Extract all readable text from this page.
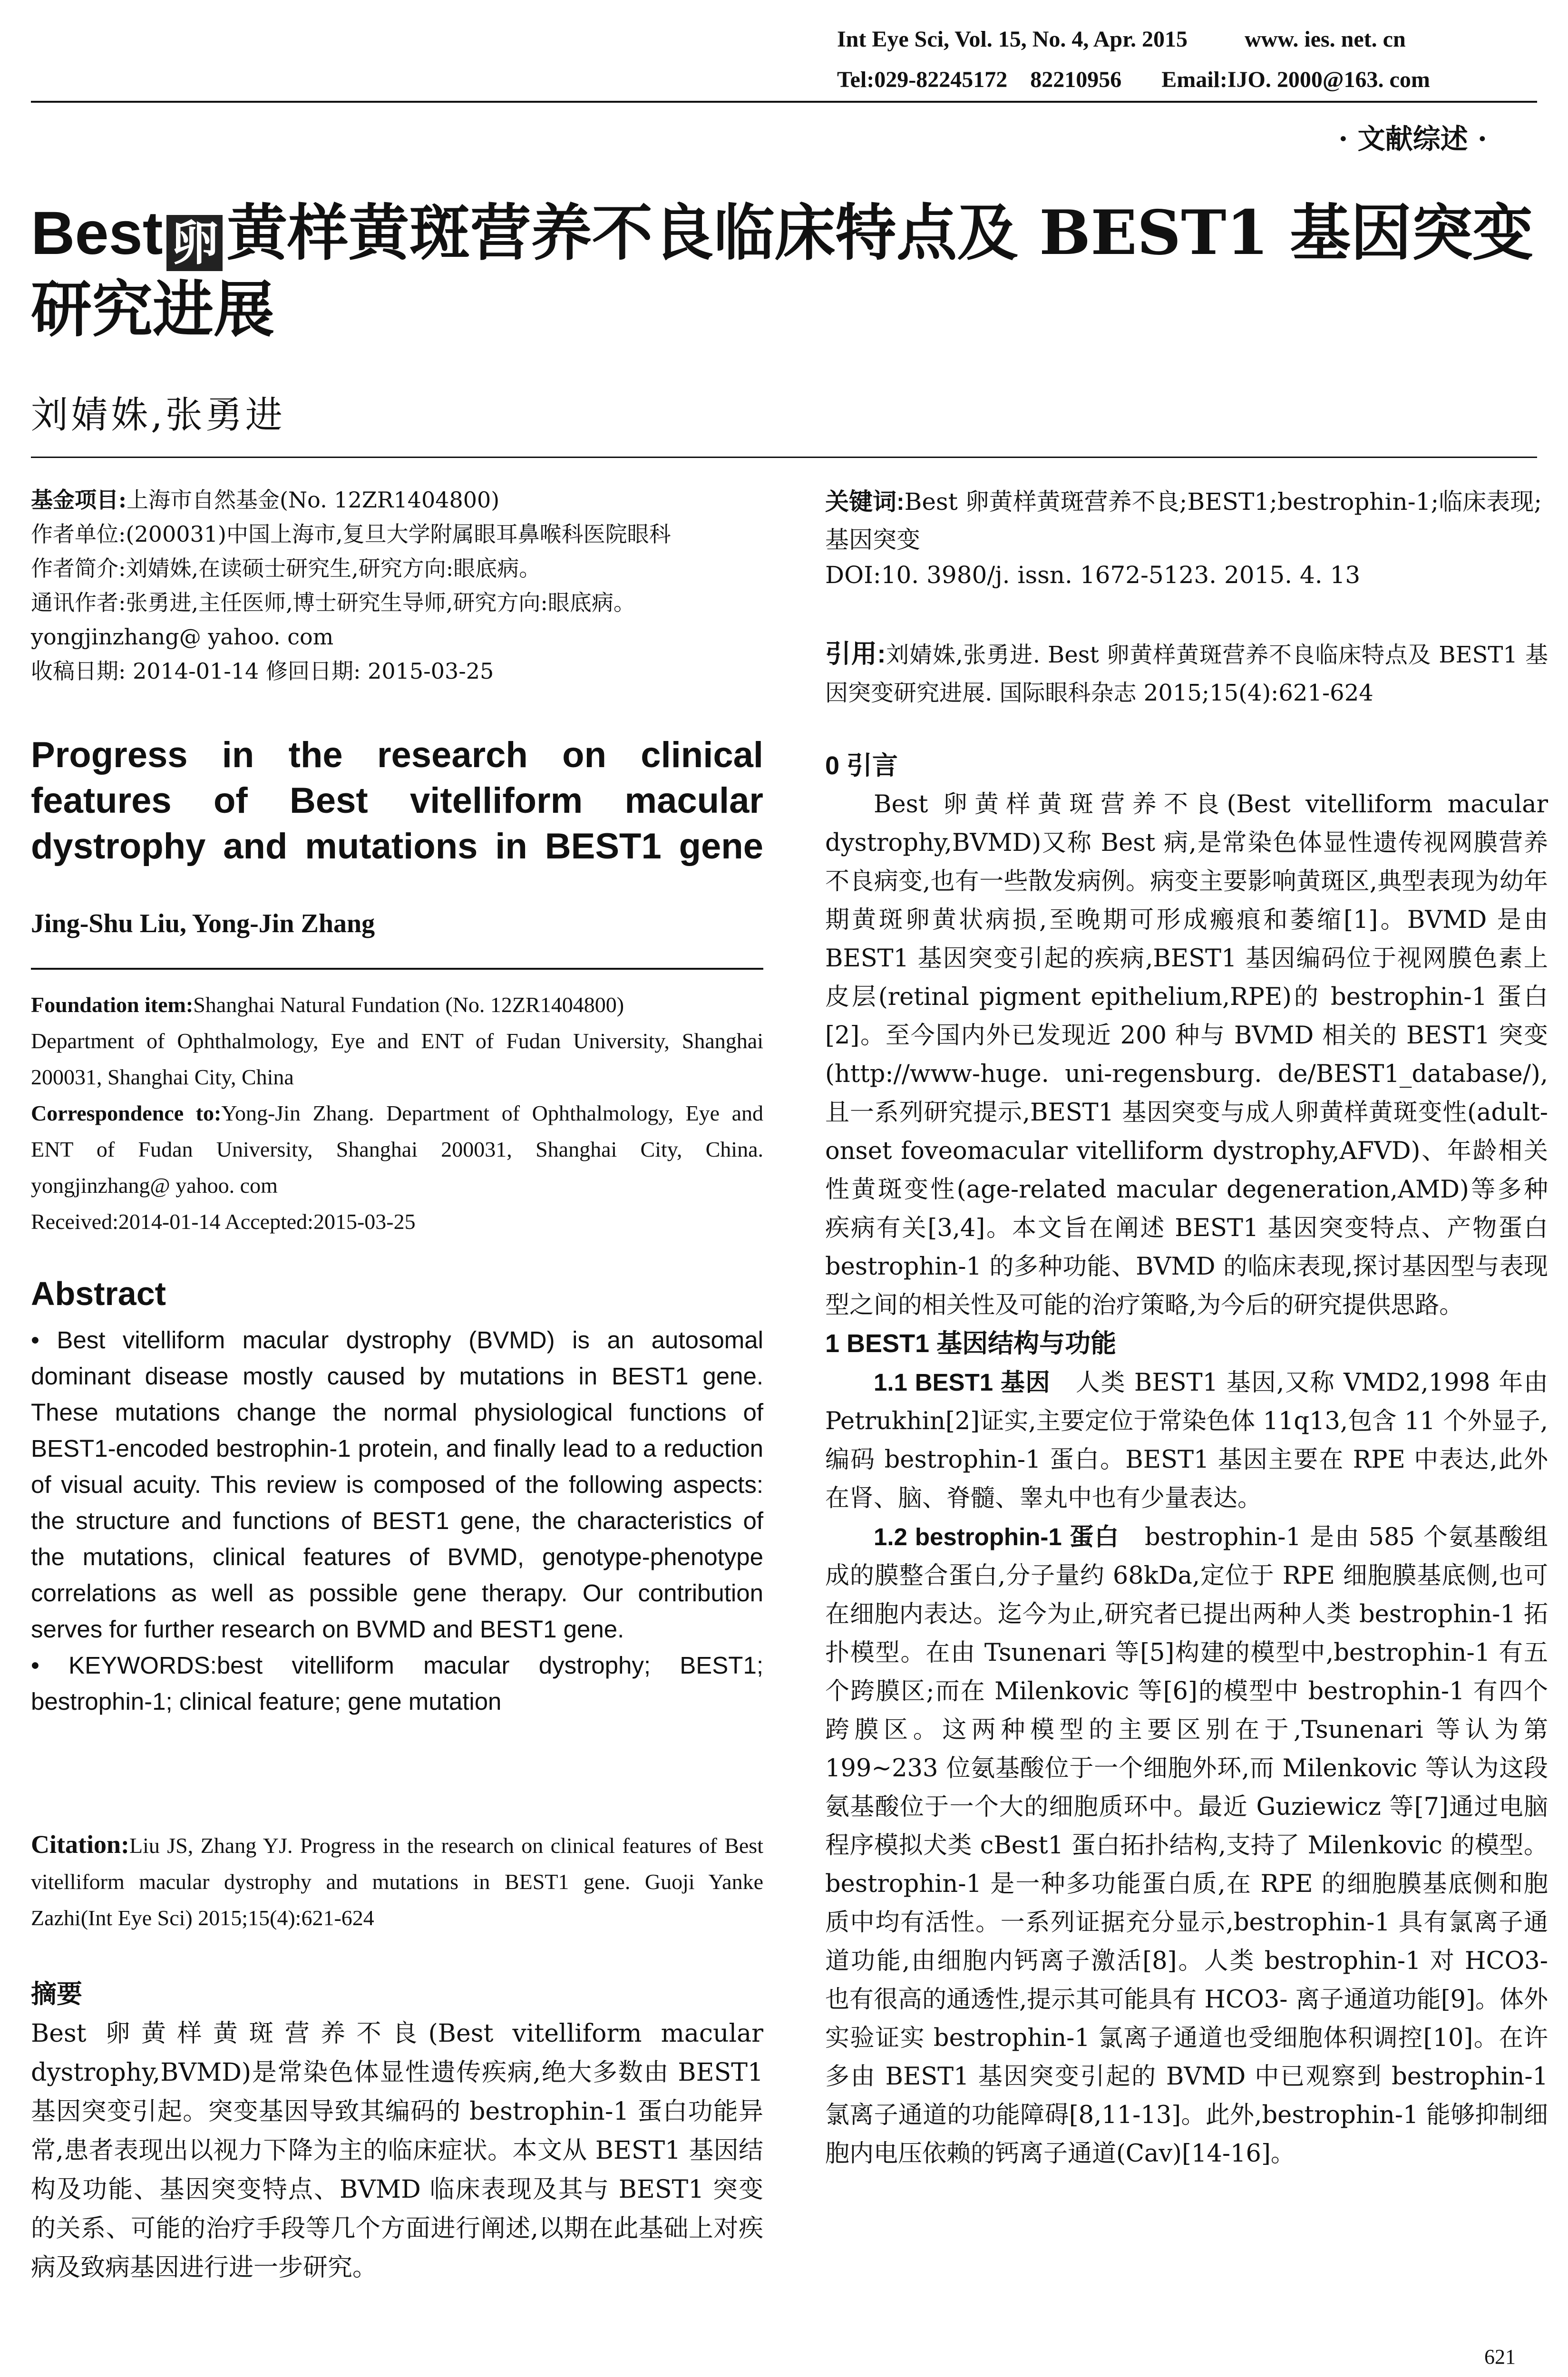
Int Eye Sci, Vol. 15, No. 4, Apr. 2015          www. ies. net. cn
Tel:029-82245172    82210956       Email:IJO. 2000@163. com
· 文献综述 ·
Best 卵 黄样黄斑营养不良临床特点及 BEST1 基因突变研究进展
刘婧姝,张勇进
基金项目:上海市自然基金(No. 12ZR1404800)
作者单位:(200031)中国上海市,复旦大学附属眼耳鼻喉科医院眼科
作者简介:刘婧姝,在读硕士研究生,研究方向:眼底病。
通讯作者:张勇进,主任医师,博士研究生导师,研究方向:眼底病。yongjinzhang@ yahoo. com
收稿日期: 2014-01-14 修回日期: 2015-03-25
Progress in the research on clinical features of Best vitelliform macular dystrophy and mutations in BEST1 gene
Jing-Shu Liu, Yong-Jin Zhang
Foundation item:Shanghai Natural Fundation (No. 12ZR1404800)
Department of Ophthalmology, Eye and ENT of Fudan University, Shanghai 200031, Shanghai City, China
Correspondence to:Yong-Jin Zhang. Department of Ophthalmology, Eye and ENT of Fudan University, Shanghai 200031, Shanghai City, China. yongjinzhang@ yahoo. com
Received:2014-01-14 Accepted:2015-03-25
Abstract
• Best vitelliform macular dystrophy (BVMD) is an autosomal dominant disease mostly caused by mutations in BEST1 gene. These mutations change the normal physiological functions of BEST1-encoded bestrophin-1 protein, and finally lead to a reduction of visual acuity. This review is composed of the following aspects: the structure and functions of BEST1 gene, the characteristics of the mutations, clinical features of BVMD, genotype-phenotype correlations as well as possible gene therapy. Our contribution serves for further research on BVMD and BEST1 gene.
• KEYWORDS:best vitelliform macular dystrophy; BEST1; bestrophin-1; clinical feature; gene mutation
Citation:Liu JS, Zhang YJ. Progress in the research on clinical features of Best vitelliform macular dystrophy and mutations in BEST1 gene. Guoji Yanke Zazhi(Int Eye Sci) 2015;15(4):621-624
摘要
Best 卵黄样黄斑营养不良(Best vitelliform macular dystrophy,BVMD)是常染色体显性遗传疾病,绝大多数由 BEST1 基因突变引起。突变基因导致其编码的 bestrophin-1 蛋白功能异常,患者表现出以视力下降为主的临床症状。本文从 BEST1 基因结构及功能、基因突变特点、BVMD 临床表现及其与 BEST1 突变的关系、可能的治疗手段等几个方面进行阐述,以期在此基础上对疾病及致病基因进行进一步研究。
关键词:Best 卵黄样黄斑营养不良;BEST1;bestrophin-1;临床表现;基因突变
DOI:10. 3980/j. issn. 1672-5123. 2015. 4. 13
引用:刘婧姝,张勇进. Best 卵黄样黄斑营养不良临床特点及 BEST1 基因突变研究进展. 国际眼科杂志 2015;15(4):621-624
0 引言

Best 卵黄样黄斑营养不良(Best vitelliform macular dystrophy,BVMD)又称 Best 病,是常染色体显性遗传视网膜营养不良病变,也有一些散发病例。病变主要影响黄斑区,典型表现为幼年期黄斑卵黄状病损,至晚期可形成瘢痕和萎缩[1]。BVMD 是由 BEST1 基因突变引起的疾病,BEST1 基因编码位于视网膜色素上皮层(retinal pigment epithelium,RPE)的 bestrophin-1 蛋白[2]。至今国内外已发现近 200 种与 BVMD 相关的 BEST1 突变(http://www-huge. uni-regensburg. de/BEST1_database/),且一系列研究提示,BEST1 基因突变与成人卵黄样黄斑变性(adult-onset foveomacular vitelliform dystrophy,AFVD)、年龄相关性黄斑变性(age-related macular degeneration,AMD)等多种疾病有关[3,4]。本文旨在阐述 BEST1 基因突变特点、产物蛋白 bestrophin-1 的多种功能、BVMD 的临床表现,探讨基因型与表现型之间的相关性及可能的治疗策略,为今后的研究提供思路。

1 BEST1 基因结构与功能

1.1 BEST1 基因　 人类 BEST1 基因,又称 VMD2,1998 年由 Petrukhin[2]证实,主要定位于常染色体 11q13,包含 11 个外显子,编码 bestrophin-1 蛋白。BEST1 基因主要在 RPE 中表达,此外在肾、脑、脊髓、睾丸中也有少量表达。

1.2 bestrophin-1 蛋白　 bestrophin-1 是由 585 个氨基酸组成的膜整合蛋白,分子量约 68kDa,定位于 RPE 细胞膜基底侧,也可在细胞内表达。迄今为止,研究者已提出两种人类 bestrophin-1 拓扑模型。在由 Tsunenari 等[5]构建的模型中,bestrophin-1 有五个跨膜区;而在 Milenkovic 等[6]的模型中 bestrophin-1 有四个跨膜区。这两种模型的主要区别在于,Tsunenari 等认为第 199~233 位氨基酸位于一个细胞外环,而 Milenkovic 等认为这段氨基酸位于一个大的细胞质环中。最近 Guziewicz 等[7]通过电脑程序模拟犬类 cBest1 蛋白拓扑结构,支持了 Milenkovic 的模型。bestrophin-1 是一种多功能蛋白质,在 RPE 的细胞膜基底侧和胞质中均有活性。一系列证据充分显示,bestrophin-1 具有氯离子通道功能,由细胞内钙离子激活[8]。人类 bestrophin-1 对 HCO3- 也有很高的通透性,提示其可能具有 HCO3- 离子通道功能[9]。体外实验证实 bestrophin-1 氯离子通道也受细胞体积调控[10]。在许多由 BEST1 基因突变引起的 BVMD 中已观察到 bestrophin-1 氯离子通道的功能障碍[8,11-13]。此外,bestrophin-1 能够抑制细胞内电压依赖的钙离子通道(Cav)[14-16]。

621
